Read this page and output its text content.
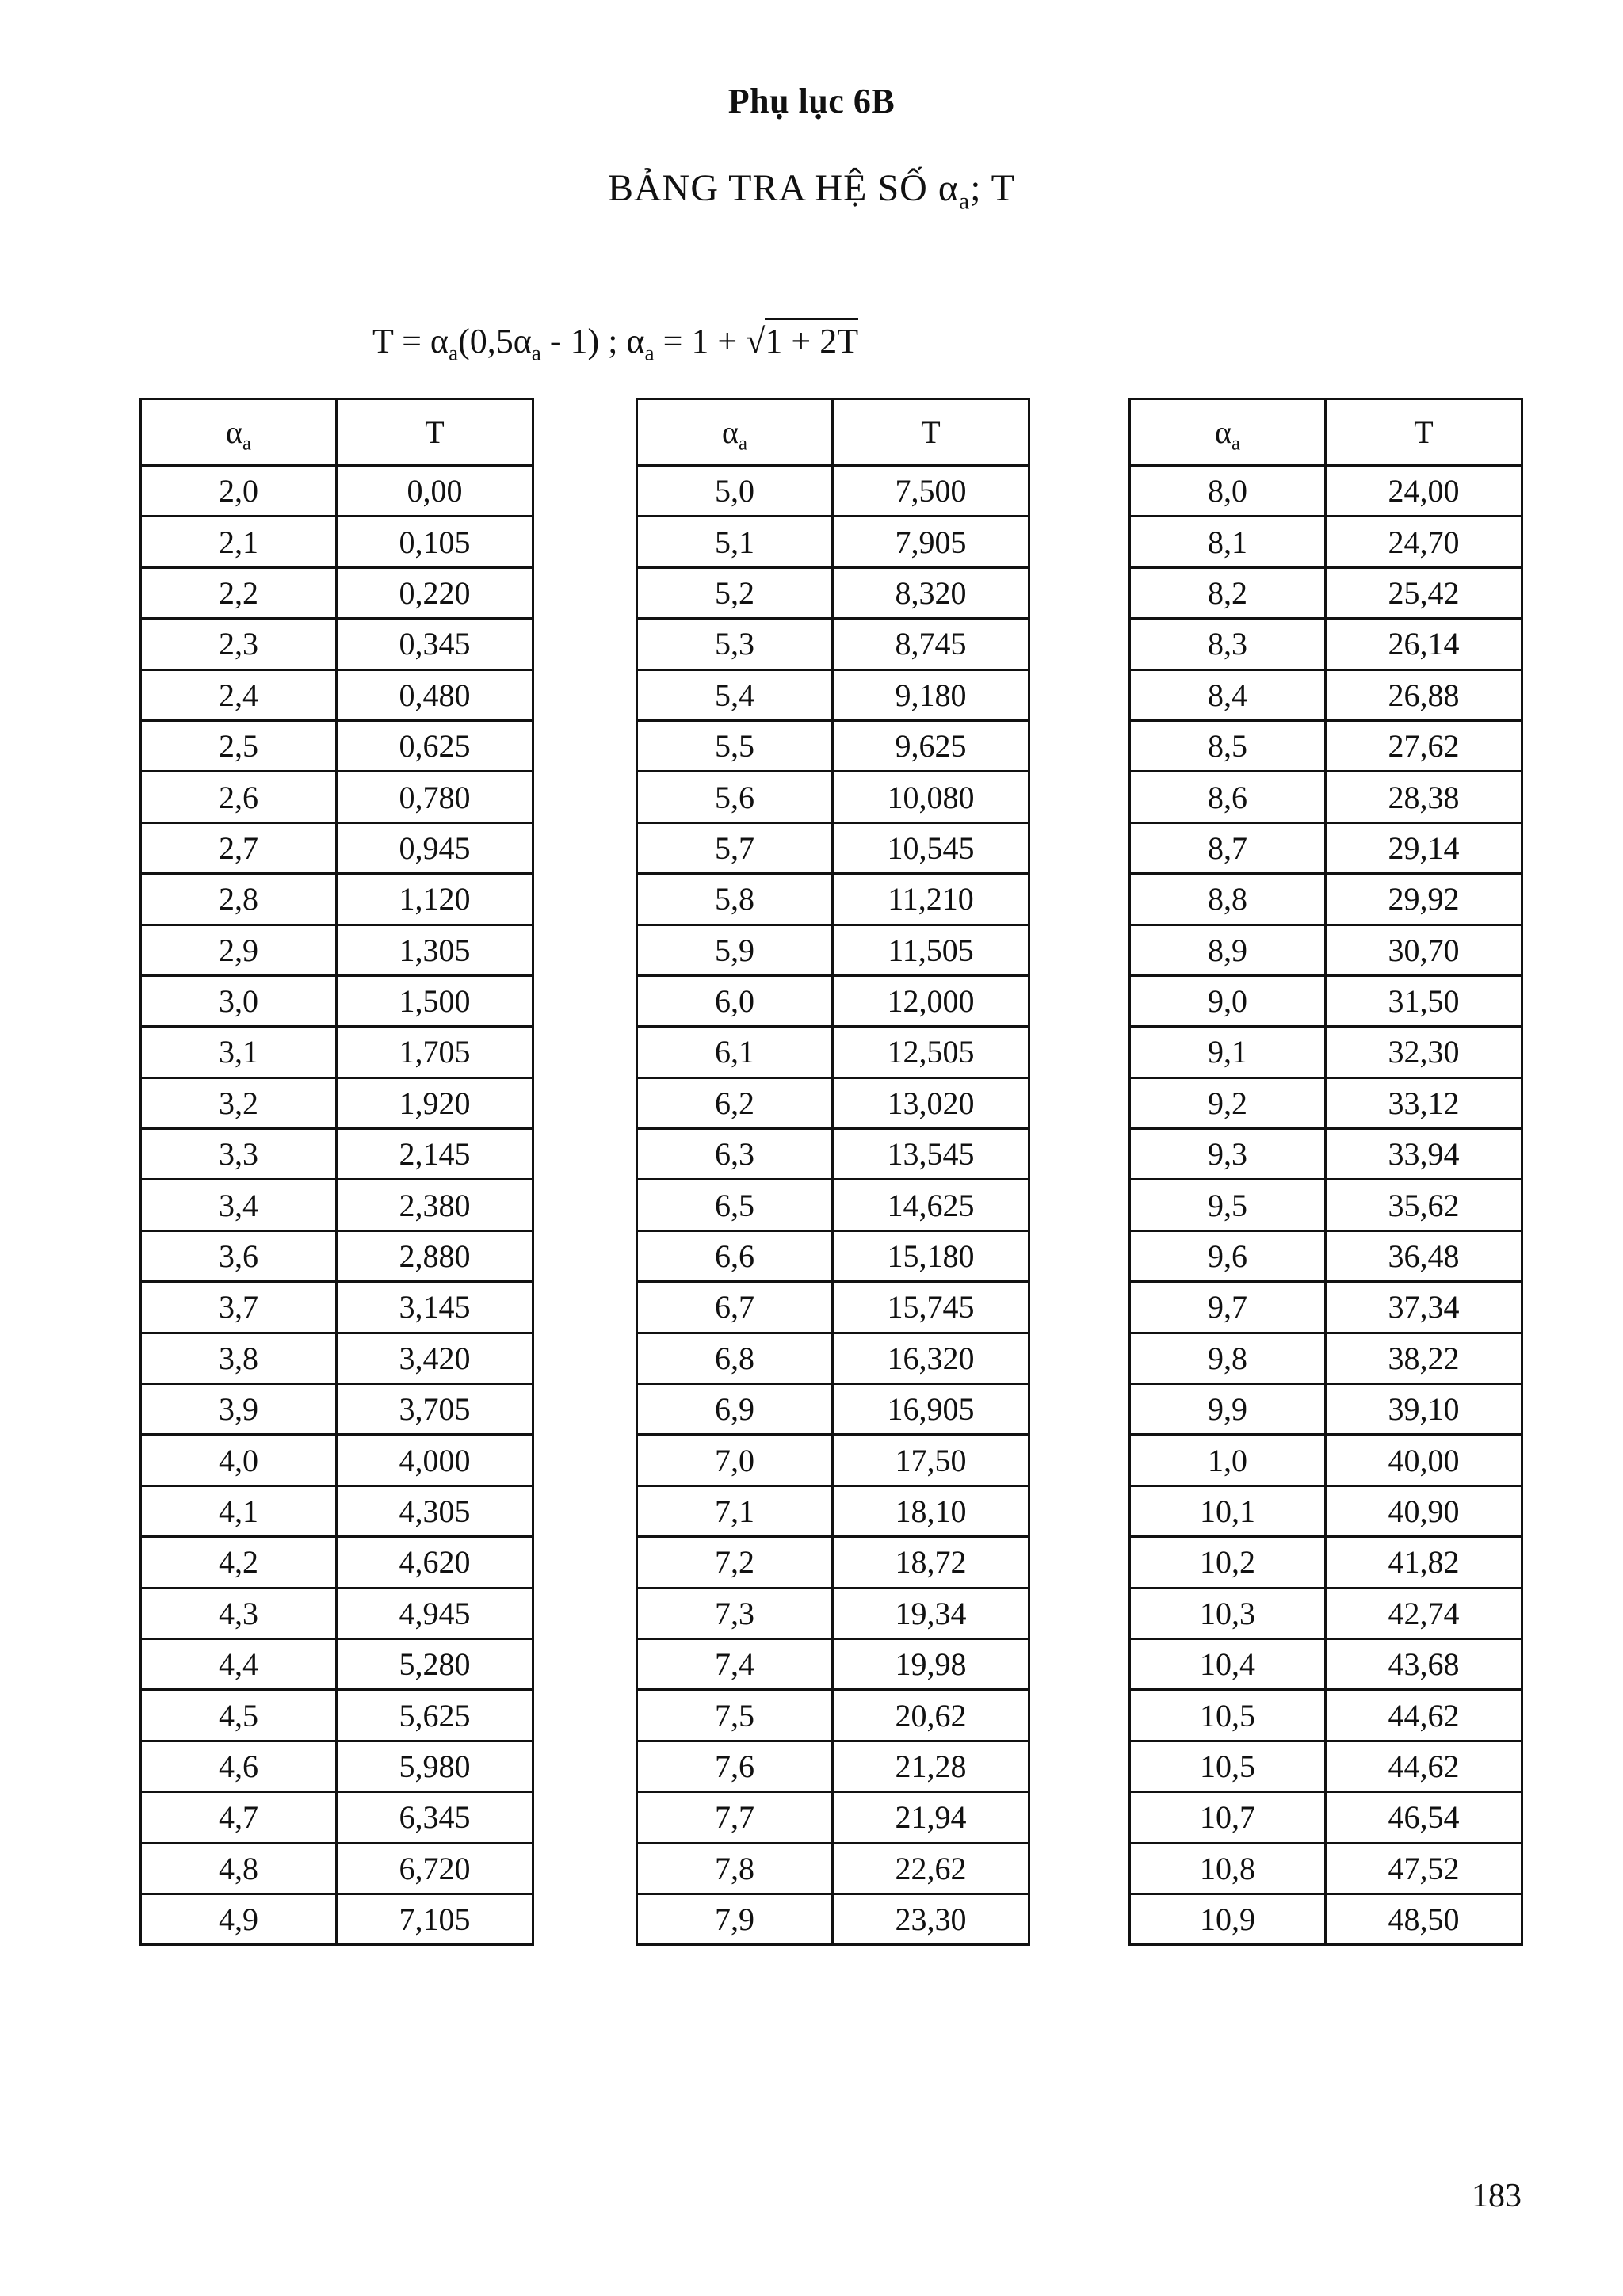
Phụ lục 6B
BẢNG TRA HỆ SỐ $\alpha_a$; T
$T = \alpha_a(0,5\alpha_a - 1)$ ; $\alpha_a = 1 + √1 + 2T$
$\alpha_a$	T
2,0	0,00
2,1	0,105
2,2	0,220
2,3	0,345
2,4	0,480
2,5	0,625
2,6	0,780
2,7	0,945
2,8	1,120
2,9	1,305
3,0	1,500
3,1	1,705
3,2	1,920
3,3	2,145
3,4	2,380
3,6	2,880
3,7	3,145
3,8	3,420
3,9	3,705
4,0	4,000
4,1	4,305
4,2	4,620
4,3	4,945
4,4	5,280
4,5	5,625
4,6	5,980
4,7	6,345
4,8	6,720
4,9	7,105
$\alpha_a$	T
5,0	7,500
5,1	7,905
5,2	8,320
5,3	8,745
5,4	9,180
5,5	9,625
5,6	10,080
5,7	10,545
5,8	11,210
5,9	11,505
6,0	12,000
6,1	12,505
6,2	13,020
6,3	13,545
6,5	14,625
6,6	15,180
6,7	15,745
6,8	16,320
6,9	16,905
7,0	17,50
7,1	18,10
7,2	18,72
7,3	19,34
7,4	19,98
7,5	20,62
7,6	21,28
7,7	21,94
7,8	22,62
7,9	23,30
$\alpha_a$	T
8,0	24,00
8,1	24,70
8,2	25,42
8,3	26,14
8,4	26,88
8,5	27,62
8,6	28,38
8,7	29,14
8,8	29,92
8,9	30,70
9,0	31,50
9,1	32,30
9,2	33,12
9,3	33,94
9,5	35,62
9,6	36,48
9,7	37,34
9,8	38,22
9,9	39,10
1,0	40,00
10,1	40,90
10,2	41,82
10,3	42,74
10,4	43,68
10,5	44,62
10,5	44,62
10,7	46,54
10,8	47,52
10,9	48,50
183
